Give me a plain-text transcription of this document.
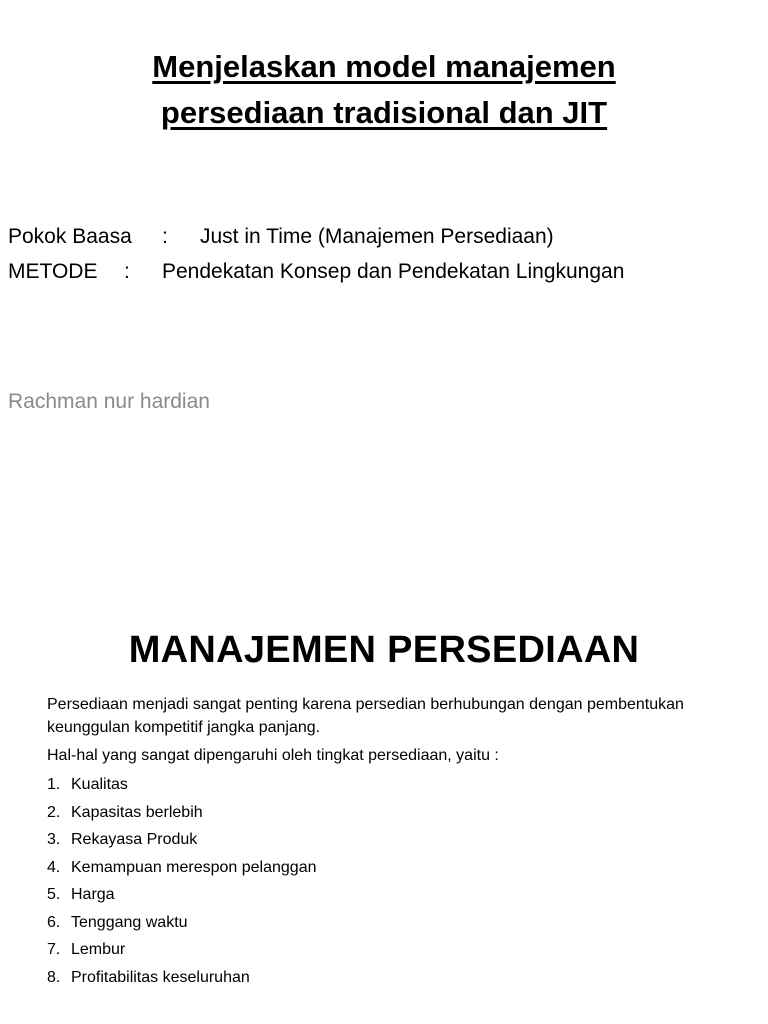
Menjelaskan model manajemen
persediaan tradisional dan JIT
Pokok Baasa : Just in Time (Manajemen Persediaan)
METODE : Pendekatan Konsep dan Pendekatan Lingkungan
Rachman nur hardian
MANAJEMEN PERSEDIAAN
Persediaan menjadi sangat penting karena persedian berhubungan dengan pembentukan keunggulan kompetitif jangka panjang.
Hal-hal yang sangat dipengaruhi oleh tingkat persediaan, yaitu :
1. Kualitas
2. Kapasitas berlebih
3. Rekayasa Produk
4. Kemampuan merespon pelanggan
5. Harga
6. Tenggang waktu
7. Lembur
8. Profitabilitas keseluruhan
